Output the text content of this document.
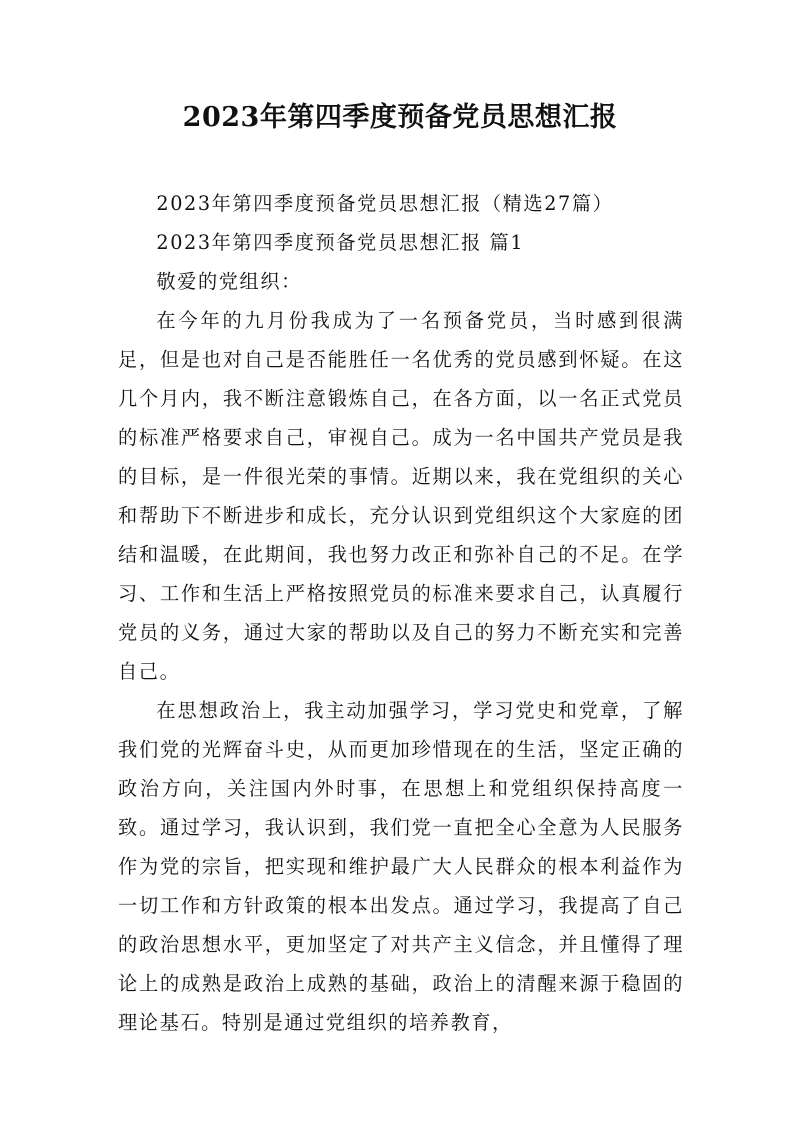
2023年第四季度预备党员思想汇报

2023年第四季度预备党员思想汇报（精选27篇）

2023年第四季度预备党员思想汇报 篇1

敬爱的党组织：

在今年的九月份我成为了一名预备党员，当时感到很满足，但是也对自己是否能胜任一名优秀的党员感到怀疑。在这几个月内，我不断注意锻炼自己，在各方面，以一名正式党员的标准严格要求自己，审视自己。成为一名中国共产党员是我的目标，是一件很光荣的事情。近期以来，我在党组织的关心和帮助下不断进步和成长，充分认识到党组织这个大家庭的团结和温暖，在此期间，我也努力改正和弥补自己的不足。在学习、工作和生活上严格按照党员的标准来要求自己，认真履行党员的义务，通过大家的帮助以及自己的努力不断充实和完善自己。

在思想政治上，我主动加强学习，学习党史和党章，了解我们党的光辉奋斗史，从而更加珍惜现在的生活，坚定正确的政治方向，关注国内外时事，在思想上和党组织保持高度一致。通过学习，我认识到，我们党一直把全心全意为人民服务作为党的宗旨，把实现和维护最广大人民群众的根本利益作为一切工作和方针政策的根本出发点。通过学习，我提高了自己的政治思想水平，更加坚定了对共产主义信念，并且懂得了理论上的成熟是政治上成熟的基础，政治上的清醒来源于稳固的理论基石。特别是通过党组织的培养教育，
